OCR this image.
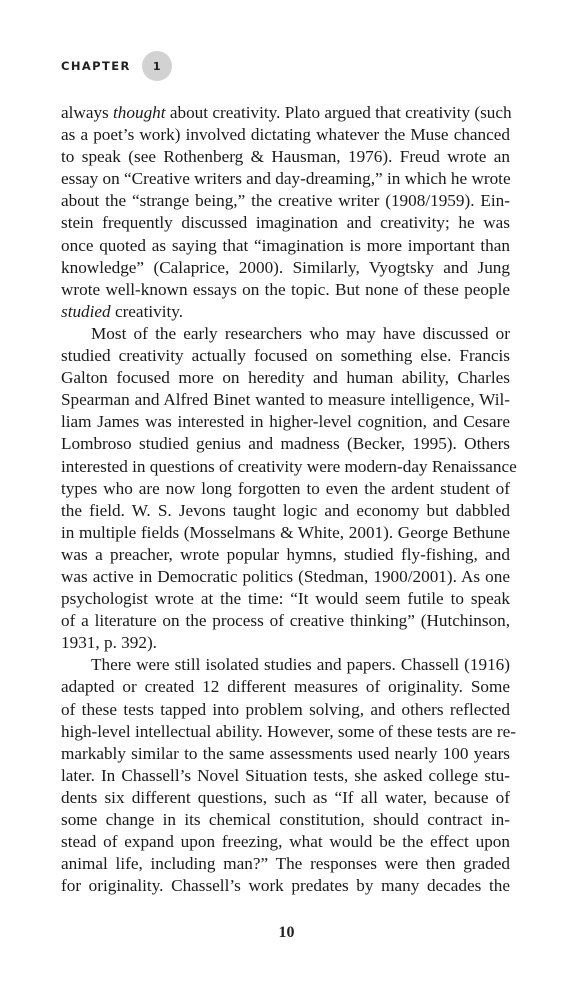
CHAPTER	1

always thought about creativity. Plato argued that creativity (such
as a poet’s work) involved dictating whatever the Muse chanced
to speak (see Rothenberg & Hausman, 1976). Freud wrote an
essay on “Creative writers and day-dreaming,” in which he wrote
about the “strange being,” the creative writer (1908/1959). Ein-
stein frequently discussed imagination and creativity; he was
once quoted as saying that “imagination is more important than
knowledge” (Calaprice, 2000). Similarly, Vyogtsky and Jung
wrote well-known essays on the topic. But none of these people
studied creativity.

Most of the early researchers who may have discussed or
studied creativity actually focused on something else. Francis
Galton focused more on heredity and human ability, Charles
Spearman and Alfred Binet wanted to measure intelligence, Wil-
liam James was interested in higher-level cognition, and Cesare
Lombroso studied genius and madness (Becker, 1995). Others
interested in questions of creativity were modern-day Renaissance
types who are now long forgotten to even the ardent student of
the field. W. S. Jevons taught logic and economy but dabbled
in multiple fields (Mosselmans & White, 2001). George Bethune
was a preacher, wrote popular hymns, studied fly-fishing, and
was active in Democratic politics (Stedman, 1900/2001). As one
psychologist wrote at the time: “It would seem futile to speak
of a literature on the process of creative thinking” (Hutchinson,
1931, p. 392).

There were still isolated studies and papers. Chassell (1916)
adapted or created 12 different measures of originality. Some
of these tests tapped into problem solving, and others reflected
high-level intellectual ability. However, some of these tests are re-
markably similar to the same assessments used nearly 100 years
later. In Chassell’s Novel Situation tests, she asked college stu-
dents six different questions, such as “If all water, because of
some change in its chemical constitution, should contract in-
stead of expand upon freezing, what would be the effect upon
animal life, including man?” The responses were then graded
for originality. Chassell’s work predates by many decades the

10
